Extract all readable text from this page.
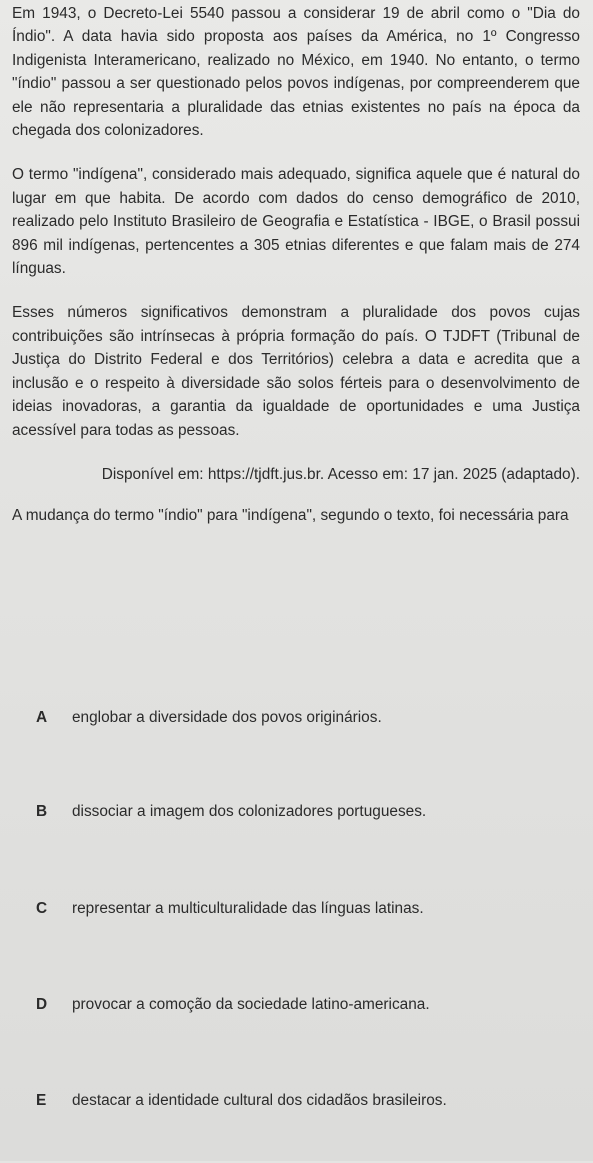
Em 1943, o Decreto-Lei 5540 passou a considerar 19 de abril como o "Dia do Índio". A data havia sido proposta aos países da América, no 1º Congresso Indigenista Interamericano, realizado no México, em 1940. No entanto, o termo "índio" passou a ser questionado pelos povos indígenas, por compreenderem que ele não representaria a pluralidade das etnias existentes no país na época da chegada dos colonizadores.

O termo "indígena", considerado mais adequado, significa aquele que é natural do lugar em que habita. De acordo com dados do censo demográfico de 2010, realizado pelo Instituto Brasileiro de Geografia e Estatística - IBGE, o Brasil possui 896 mil indígenas, pertencentes a 305 etnias diferentes e que falam mais de 274 línguas.

Esses números significativos demonstram a pluralidade dos povos cujas contribuições são intrínsecas à própria formação do país. O TJDFT (Tribunal de Justiça do Distrito Federal e dos Territórios) celebra a data e acredita que a inclusão e o respeito à diversidade são solos férteis para o desenvolvimento de ideias inovadoras, a garantia da igualdade de oportunidades e uma Justiça acessível para todas as pessoas.

Disponível em: https://tjdft.jus.br. Acesso em: 17 jan. 2025 (adaptado).

A mudança do termo "índio" para "indígena", segundo o texto, foi necessária para

A englobar a diversidade dos povos originários.
B dissociar a imagem dos colonizadores portugueses.
C representar a multiculturalidade das línguas latinas.
D provocar a comoção da sociedade latino-americana.
E destacar a identidade cultural dos cidadãos brasileiros.
